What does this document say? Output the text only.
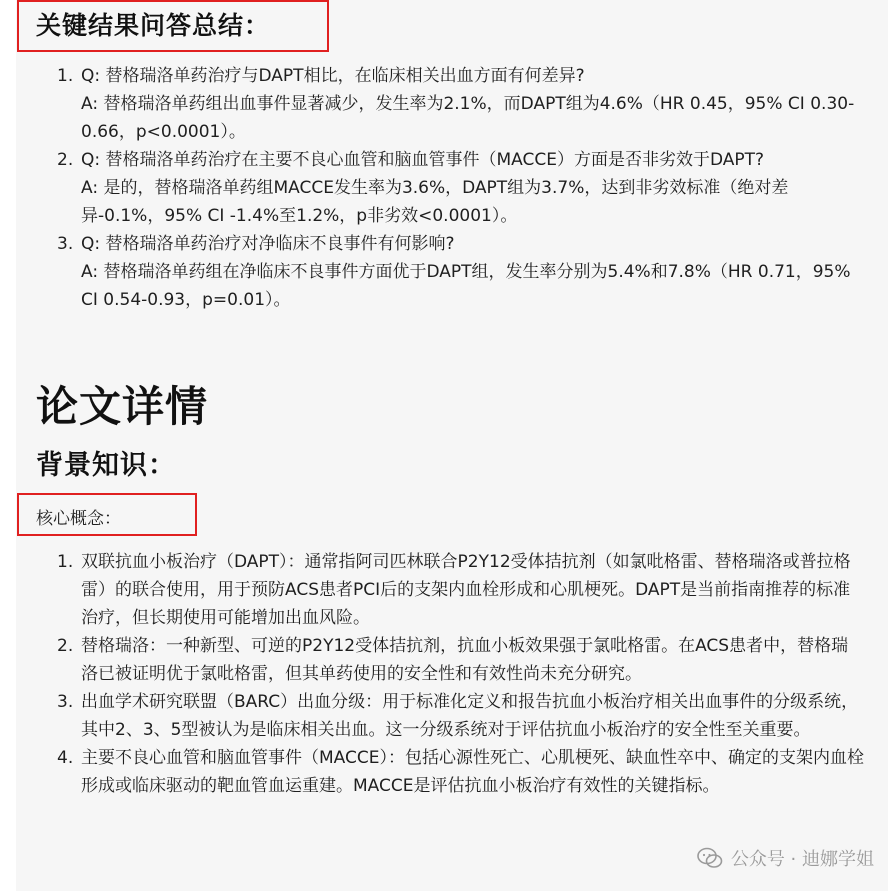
关键结果问答总结：
1. Q: 替格瑞洛单药治疗与DAPT相比，在临床相关出血方面有何差异?
A: 替格瑞洛单药组出血事件显著减少，发生率为2.1%，而DAPT组为4.6%（HR 0.45，95% CI 0.30-0.66，p<0.0001）。
2. Q: 替格瑞洛单药治疗在主要不良心血管和脑血管事件（MACCE）方面是否非劣效于DAPT?
A: 是的，替格瑞洛单药组MACCE发生率为3.6%，DAPT组为3.7%，达到非劣效标准（绝对差异-0.1%，95% CI -1.4%至1.2%，p非劣效<0.0001）。
3. Q: 替格瑞洛单药治疗对净临床不良事件有何影响?
A: 替格瑞洛单药组在净临床不良事件方面优于DAPT组，发生率分别为5.4%和7.8%（HR 0.71，95% CI 0.54-0.93，p=0.01）。
论文详情
背景知识：
核心概念：
1. 双联抗血小板治疗（DAPT）：通常指阿司匹林联合P2Y12受体拮抗剂（如氯吡格雷、替格瑞洛或普拉格雷）的联合使用，用于预防ACS患者PCI后的支架内血栓形成和心肌梗死。DAPT是当前指南推荐的标准治疗，但长期使用可能增加出血风险。
2. 替格瑞洛：一种新型、可逆的P2Y12受体拮抗剂，抗血小板效果强于氯吡格雷。在ACS患者中，替格瑞洛已被证明优于氯吡格雷，但其单药使用的安全性和有效性尚未充分研究。
3. 出血学术研究联盟（BARC）出血分级：用于标准化定义和报告抗血小板治疗相关出血事件的分级系统，其中2、3、5型被认为是临床相关出血。这一分级系统对于评估抗血小板治疗的安全性至关重要。
4. 主要不良心血管和脑血管事件（MACCE）：包括心源性死亡、心肌梗死、缺血性卒中、确定的支架内血栓形成或临床驱动的靶血管血运重建。MACCE是评估抗血小板治疗有效性的关键指标。
公众号 · 迪娜学姐
